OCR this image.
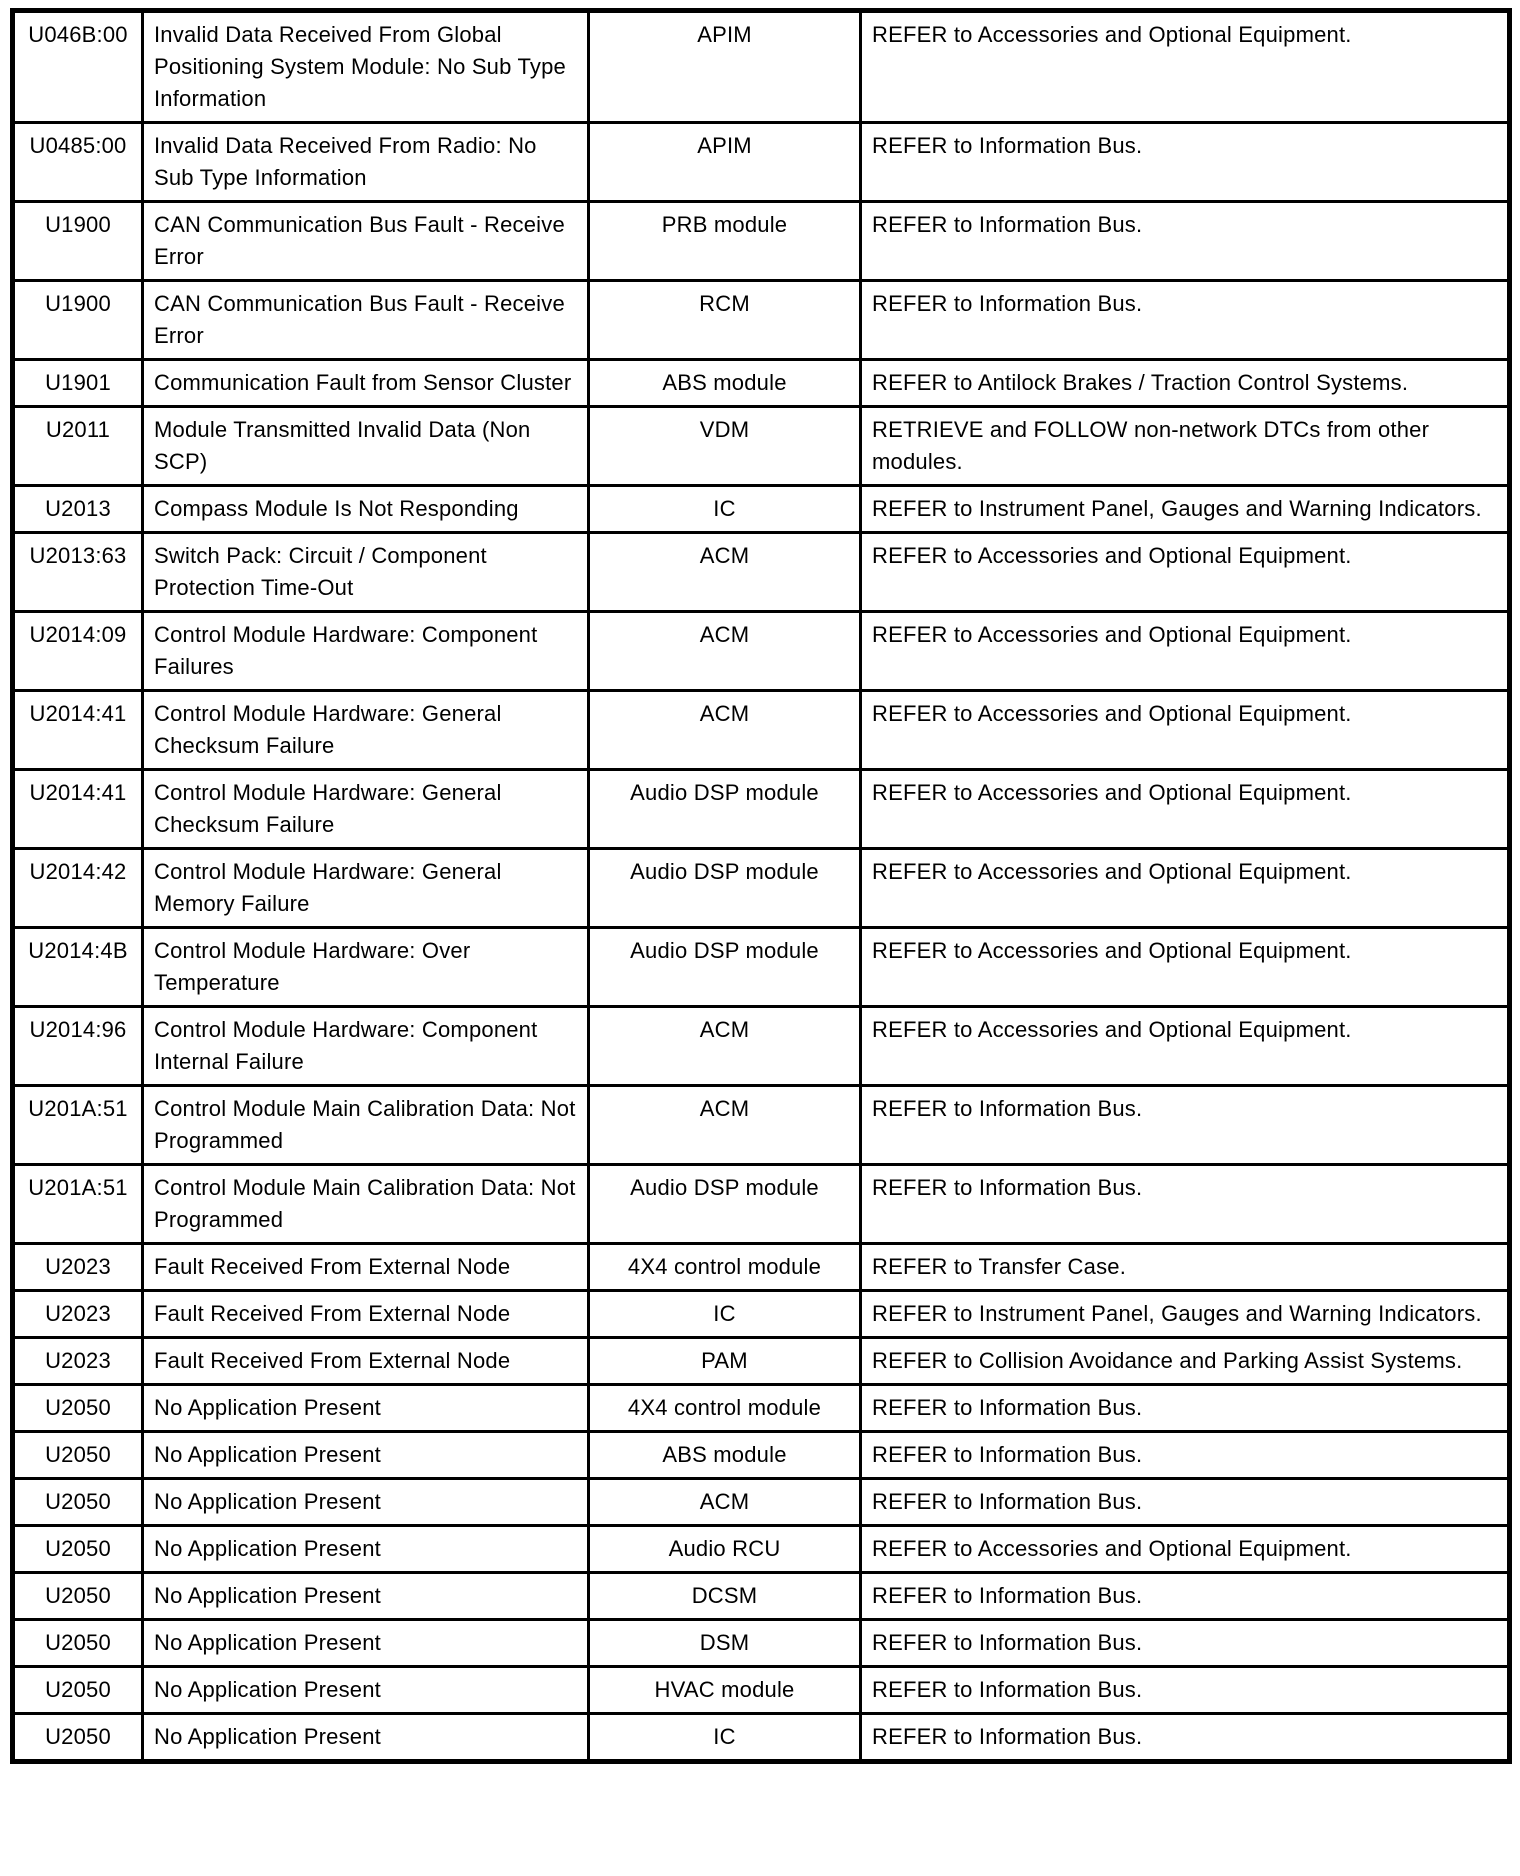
U046B:00	Invalid Data Received From Global Positioning System Module: No Sub Type Information	APIM	REFER to Accessories and Optional Equipment.
U0485:00	Invalid Data Received From Radio: No Sub Type Information	APIM	REFER to Information Bus.
U1900	CAN Communication Bus Fault - Receive Error	PRB module	REFER to Information Bus.
U1900	CAN Communication Bus Fault - Receive Error	RCM	REFER to Information Bus.
U1901	Communication Fault from Sensor Cluster	ABS module	REFER to Antilock Brakes / Traction Control Systems.
U2011	Module Transmitted Invalid Data (Non SCP)	VDM	RETRIEVE and FOLLOW non-network DTCs from other modules.
U2013	Compass Module Is Not Responding	IC	REFER to Instrument Panel, Gauges and Warning Indicators.
U2013:63	Switch Pack: Circuit / Component Protection Time-Out	ACM	REFER to Accessories and Optional Equipment.
U2014:09	Control Module Hardware: Component Failures	ACM	REFER to Accessories and Optional Equipment.
U2014:41	Control Module Hardware: General Checksum Failure	ACM	REFER to Accessories and Optional Equipment.
U2014:41	Control Module Hardware: General Checksum Failure	Audio DSP module	REFER to Accessories and Optional Equipment.
U2014:42	Control Module Hardware: General Memory Failure	Audio DSP module	REFER to Accessories and Optional Equipment.
U2014:4B	Control Module Hardware: Over Temperature	Audio DSP module	REFER to Accessories and Optional Equipment.
U2014:96	Control Module Hardware: Component Internal Failure	ACM	REFER to Accessories and Optional Equipment.
U201A:51	Control Module Main Calibration Data: Not Programmed	ACM	REFER to Information Bus.
U201A:51	Control Module Main Calibration Data: Not Programmed	Audio DSP module	REFER to Information Bus.
U2023	Fault Received From External Node	4X4 control module	REFER to Transfer Case.
U2023	Fault Received From External Node	IC	REFER to Instrument Panel, Gauges and Warning Indicators.
U2023	Fault Received From External Node	PAM	REFER to Collision Avoidance and Parking Assist Systems.
U2050	No Application Present	4X4 control module	REFER to Information Bus.
U2050	No Application Present	ABS module	REFER to Information Bus.
U2050	No Application Present	ACM	REFER to Information Bus.
U2050	No Application Present	Audio RCU	REFER to Accessories and Optional Equipment.
U2050	No Application Present	DCSM	REFER to Information Bus.
U2050	No Application Present	DSM	REFER to Information Bus.
U2050	No Application Present	HVAC module	REFER to Information Bus.
U2050	No Application Present	IC	REFER to Information Bus.
